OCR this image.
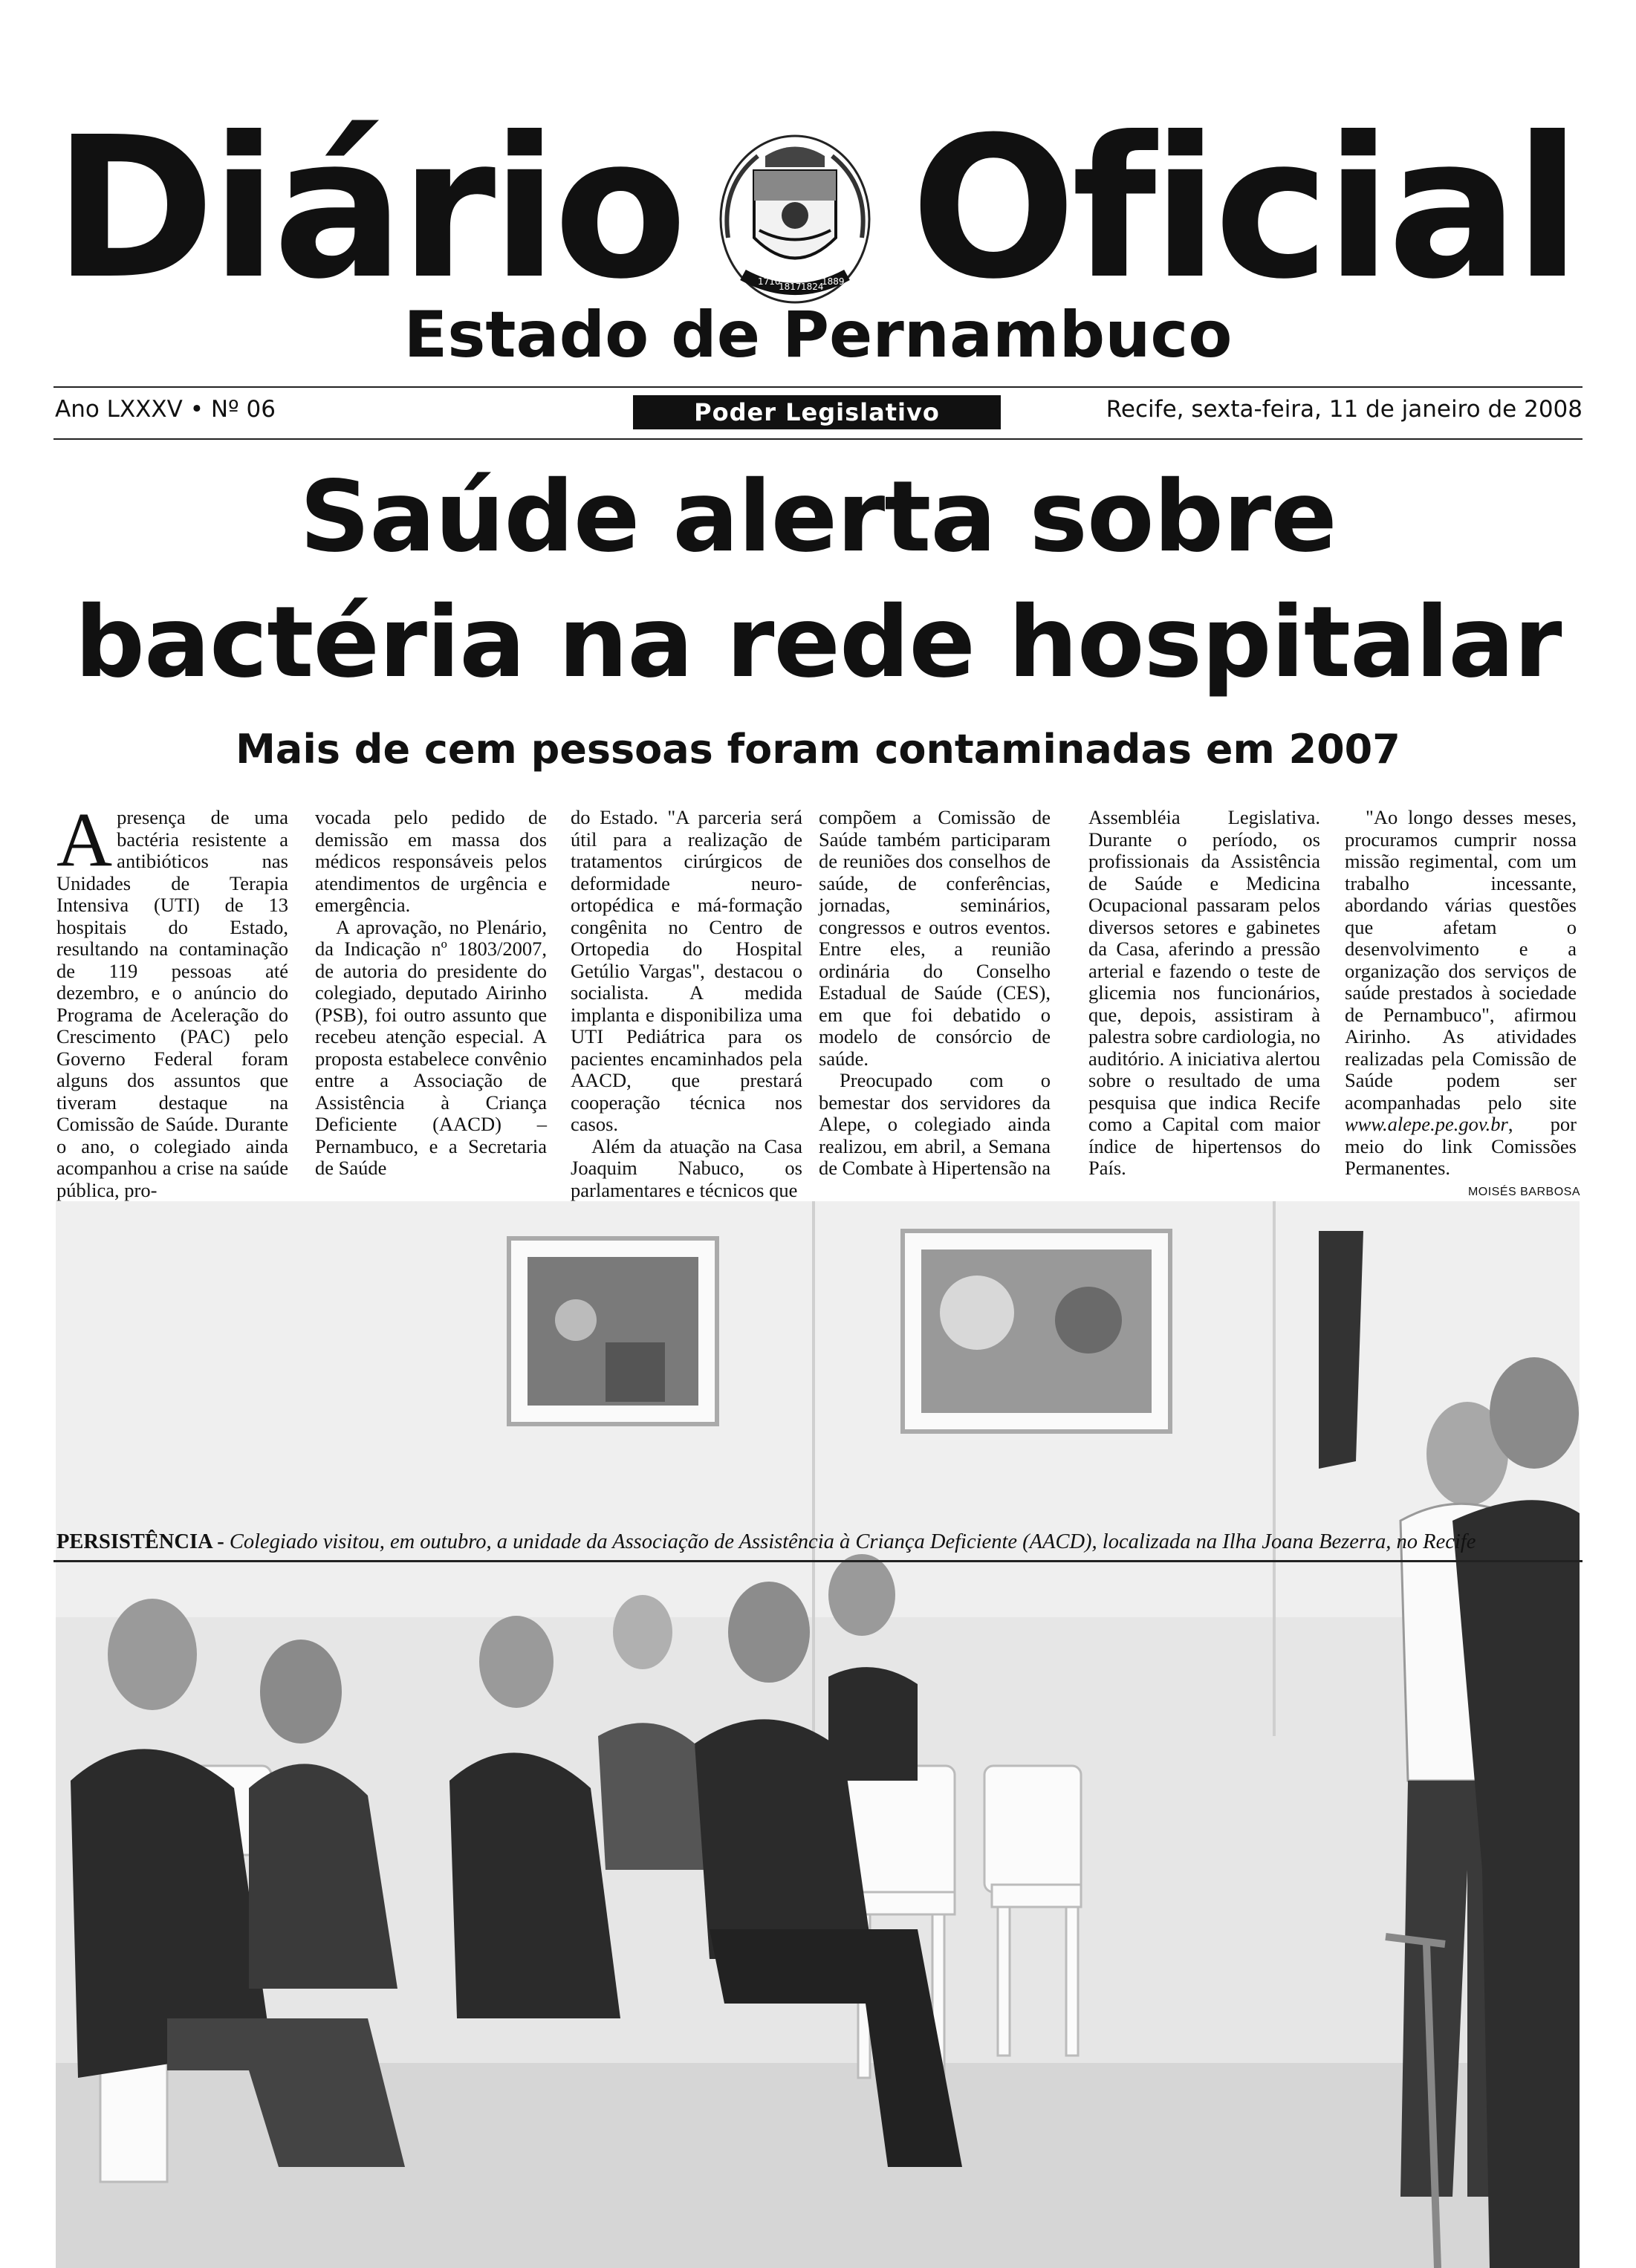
Diário	1710
1817 1824
1889 Oficial
Estado de Pernambuco
Ano LXXXV • Nº 06	Poder Legislativo	Recife, sexta-feira, 11 de janeiro de 2008
Saúde alerta sobre
bactéria na rede hospitalar
Mais de cem pessoas foram contaminadas em 2007
A presença de uma bactéria resistente a antibióticos nas Unidades de Terapia Intensiva (UTI) de 13 hospitais do Estado, resultando na contaminação de 119 pessoas até dezembro, e o anúncio do Programa de Aceleração do Crescimento (PAC) pelo Governo Federal foram alguns dos assuntos que tiveram destaque na Comissão de Saúde. Durante o ano, o colegiado ainda acompanhou a crise na saúde pública, pro-

vocada pelo pedido de demissão em massa dos médicos responsáveis pelos atendimentos de urgência e emergência.

A aprovação, no Plenário, da Indicação nº 1803/2007, de autoria do presidente do colegiado, deputado Airinho (PSB), foi outro assunto que recebeu atenção especial. A proposta estabelece convênio entre a Associação de Assistência à Criança Deficiente (AACD) – Pernambuco, e a Secretaria de Saúde

do Estado. "A parceria será útil para a realização de tratamentos cirúrgicos de deformidade neuro-ortopédica e má-formação congênita no Centro de Ortopedia do Hospital Getúlio Vargas", destacou o socialista. A medida implanta e disponibiliza uma UTI Pediátrica para os pacientes encaminhados pela AACD, que prestará cooperação técnica nos casos.

Além da atuação na Casa Joaquim Nabuco, os parlamentares e técnicos que

compõem a Comissão de Saúde também participaram de reuniões dos conselhos de saúde, de conferências, jornadas, seminários, congressos e outros eventos. Entre eles, a reunião ordinária do Conselho Estadual de Saúde (CES), em que foi debatido o modelo de consórcio de saúde.

Preocupado com o bemestar dos servidores da Alepe, o colegiado ainda realizou, em abril, a Semana de Combate à Hipertensão na

Assembléia Legislativa. Durante o período, os profissionais da Assistência de Saúde e Medicina Ocupacional passaram pelos diversos setores e gabinetes da Casa, aferindo a pressão arterial e fazendo o teste de glicemia nos funcionários, que, depois, assistiram à palestra sobre cardiologia, no auditório. A iniciativa alertou sobre o resultado de uma pesquisa que indica Recife como a Capital com maior índice de hipertensos do País.

"Ao longo desses meses, procuramos cumprir nossa missão regimental, com um trabalho incessante, abordando várias questões que afetam o desenvolvimento e a organização dos serviços de saúde prestados à sociedade de Pernambuco", afirmou Airinho. As atividades realizadas pela Comissão de Saúde podem ser acompanhadas pelo site www.alepe.pe.gov.br, por meio do link Comissões Permanentes.

MOISÉS BARBOSA
PERSISTÊNCIA - Colegiado visitou, em outubro, a unidade da Associação de Assistência à Criança Deficiente (AACD), localizada na Ilha Joana Bezerra, no Recife
